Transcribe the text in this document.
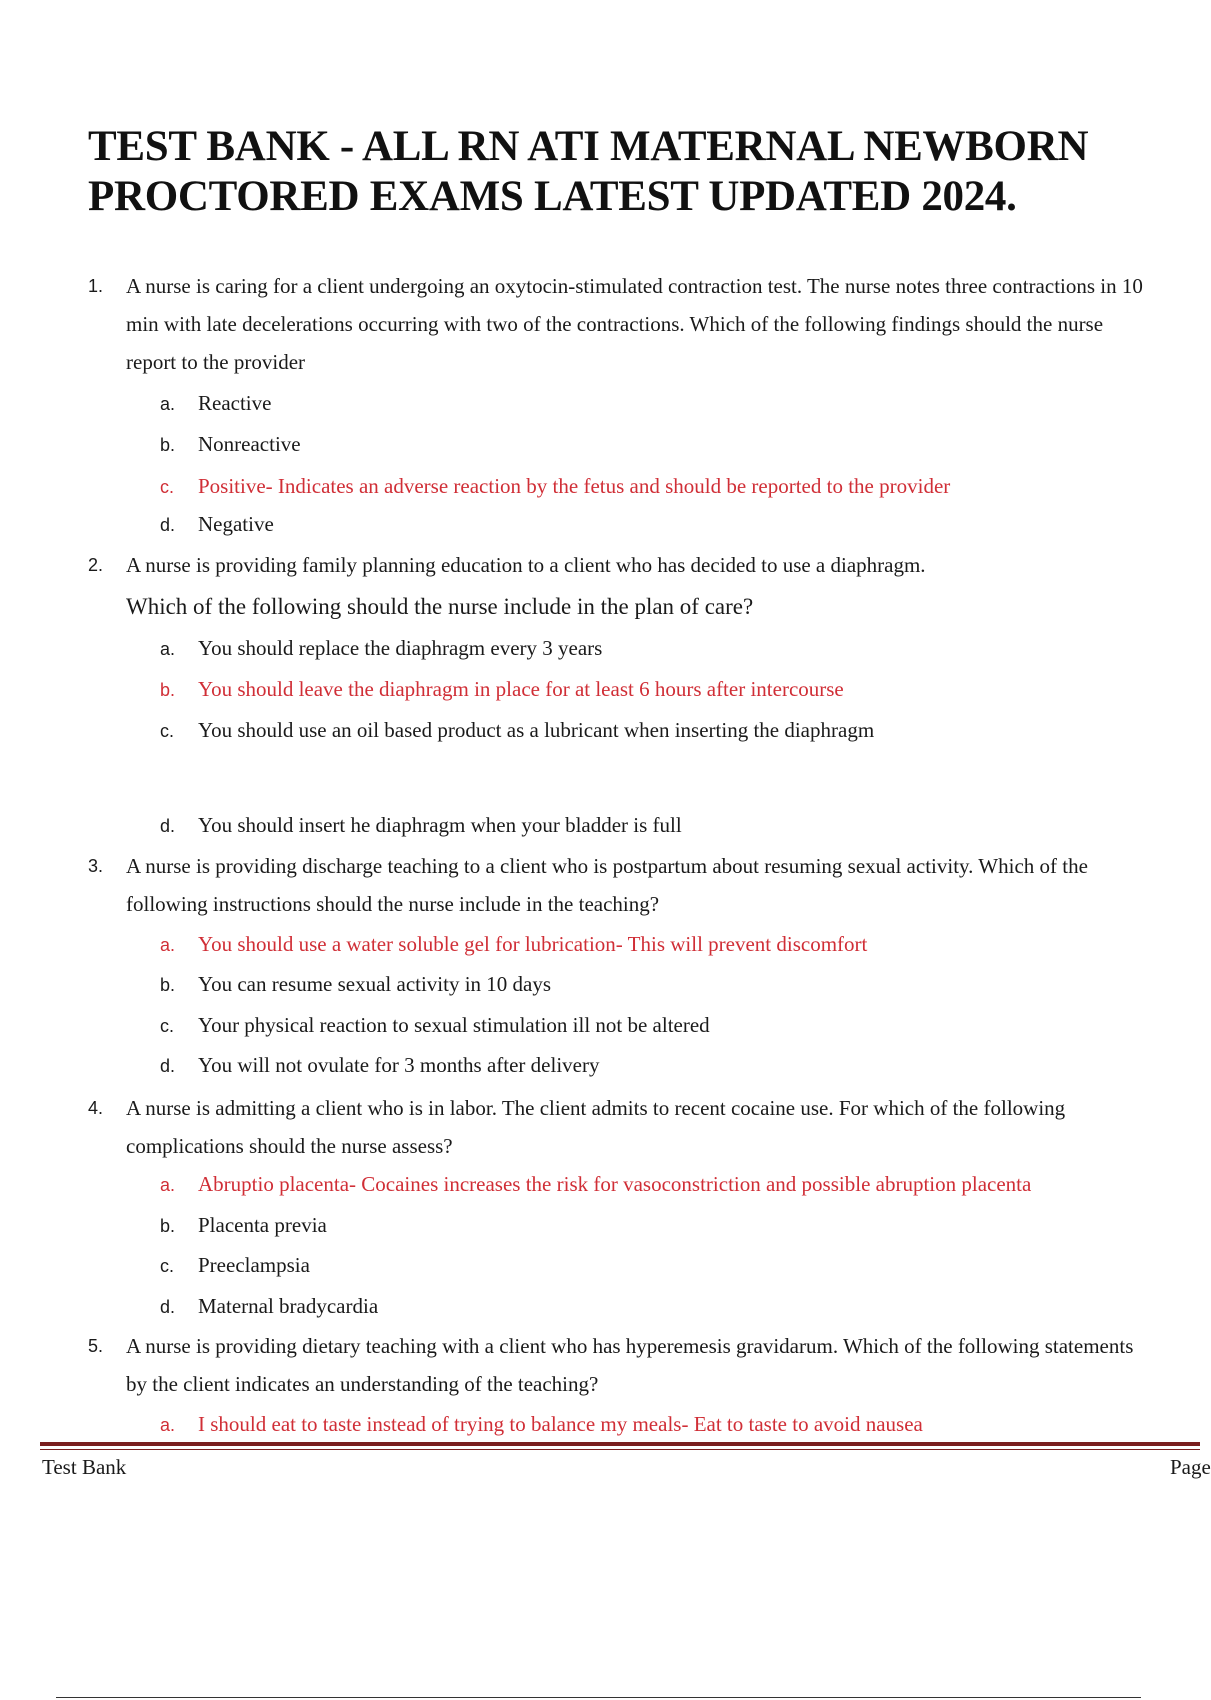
TEST BANK - ALL RN ATI MATERNAL NEWBORN
PROCTORED EXAMS LATEST UPDATED 2024.
1. A nurse is caring for a client undergoing an oxytocin-stimulated contraction test. The nurse notes three contractions in 10
min with late decelerations occurring with two of the contractions. Which of the following findings should the nurse
report to the provider
a. Reactive
b. Nonreactive
c. Positive- Indicates an adverse reaction by the fetus and should be reported to the provider
d. Negative
2. A nurse is providing family planning education to a client who has decided to use a diaphragm.
Which of the following should the nurse include in the plan of care?
a. You should replace the diaphragm every 3 years
b. You should leave the diaphragm in place for at least 6 hours after intercourse
c. You should use an oil based product as a lubricant when inserting the diaphragm
d. You should insert he diaphragm when your bladder is full
3. A nurse is providing discharge teaching to a client who is postpartum about resuming sexual activity. Which of the
following instructions should the nurse include in the teaching?
a. You should use a water soluble gel for lubrication- This will prevent discomfort
b. You can resume sexual activity in 10 days
c. Your physical reaction to sexual stimulation ill not be altered
d. You will not ovulate for 3 months after delivery
4. A nurse is admitting a client who is in labor. The client admits to recent cocaine use. For which of the following
complications should the nurse assess?
a. Abruptio placenta- Cocaines increases the risk for vasoconstriction and possible abruption placenta
b. Placenta previa
c. Preeclampsia
d. Maternal bradycardia
5. A nurse is providing dietary teaching with a client who has hyperemesis gravidarum. Which of the following statements
by the client indicates an understanding of the teaching?
a. I should eat to taste instead of trying to balance my meals- Eat to taste to avoid nausea
Test Bank	Page
